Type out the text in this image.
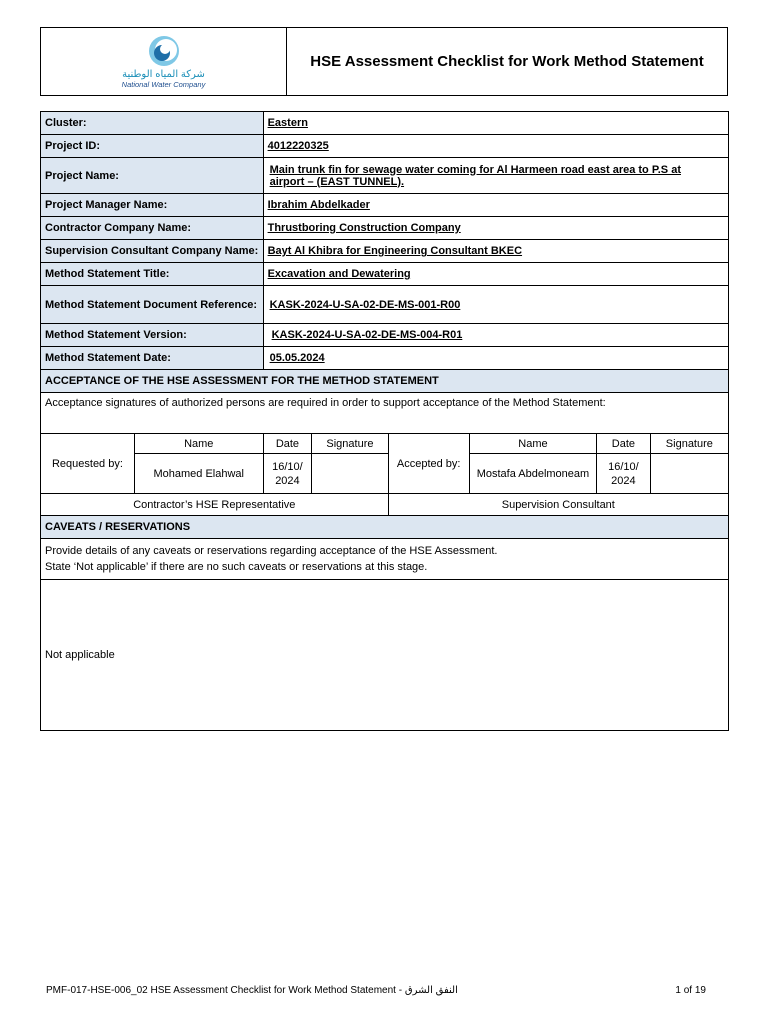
شركة المياه الوطنية
National Water Company
HSE Assessment Checklist for Work Method Statement
Cluster:		Eastern					
Project ID:		4012220325					
Project Name:		Main trunk fin for sewage water coming for Al Harmeen road east area to P.S at airport – (EAST TUNNEL).					
Project Manager Name:		Ibrahim Abdelkader					
Contractor Company Name:		Thrustboring Construction Company					
Supervision Consultant Company Name:		Bayt Al Khibra for Engineering Consultant BKEC					
Method Statement Title:		Excavation and Dewatering					
Method Statement Document Reference:		KASK-2024-U-SA-02-DE-MS-001-R00					
Method Statement Version:		KASK-2024-U-SA-02-DE-MS-004-R01					
Method Statement Date:		05.05.2024					
ACCEPTANCE OF THE HSE ASSESSMENT FOR THE METHOD STATEMENT							
Acceptance signatures of authorized persons are required in order to support acceptance of the Method Statement:							
Requested by:	Name	Date	Signature	Accepted by:	Name	Date	Signature
	Mohamed Elahwal	16/10/ 2024			Mostafa Abdelmoneam	16/10/ 2024	
Contractor’s HSE Representative				Supervision Consultant			
CAVEATS / RESERVATIONS							

Provide details of any caveats or reservations regarding acceptance of the HSE Assessment.
State ‘Not applicable’ if there are no such caveats or reservations at this stage.							

Not applicable							
PMF-017-HSE-006_02 HSE Assessment Checklist for Work Method Statement - النفق الشرق	1 of 19
